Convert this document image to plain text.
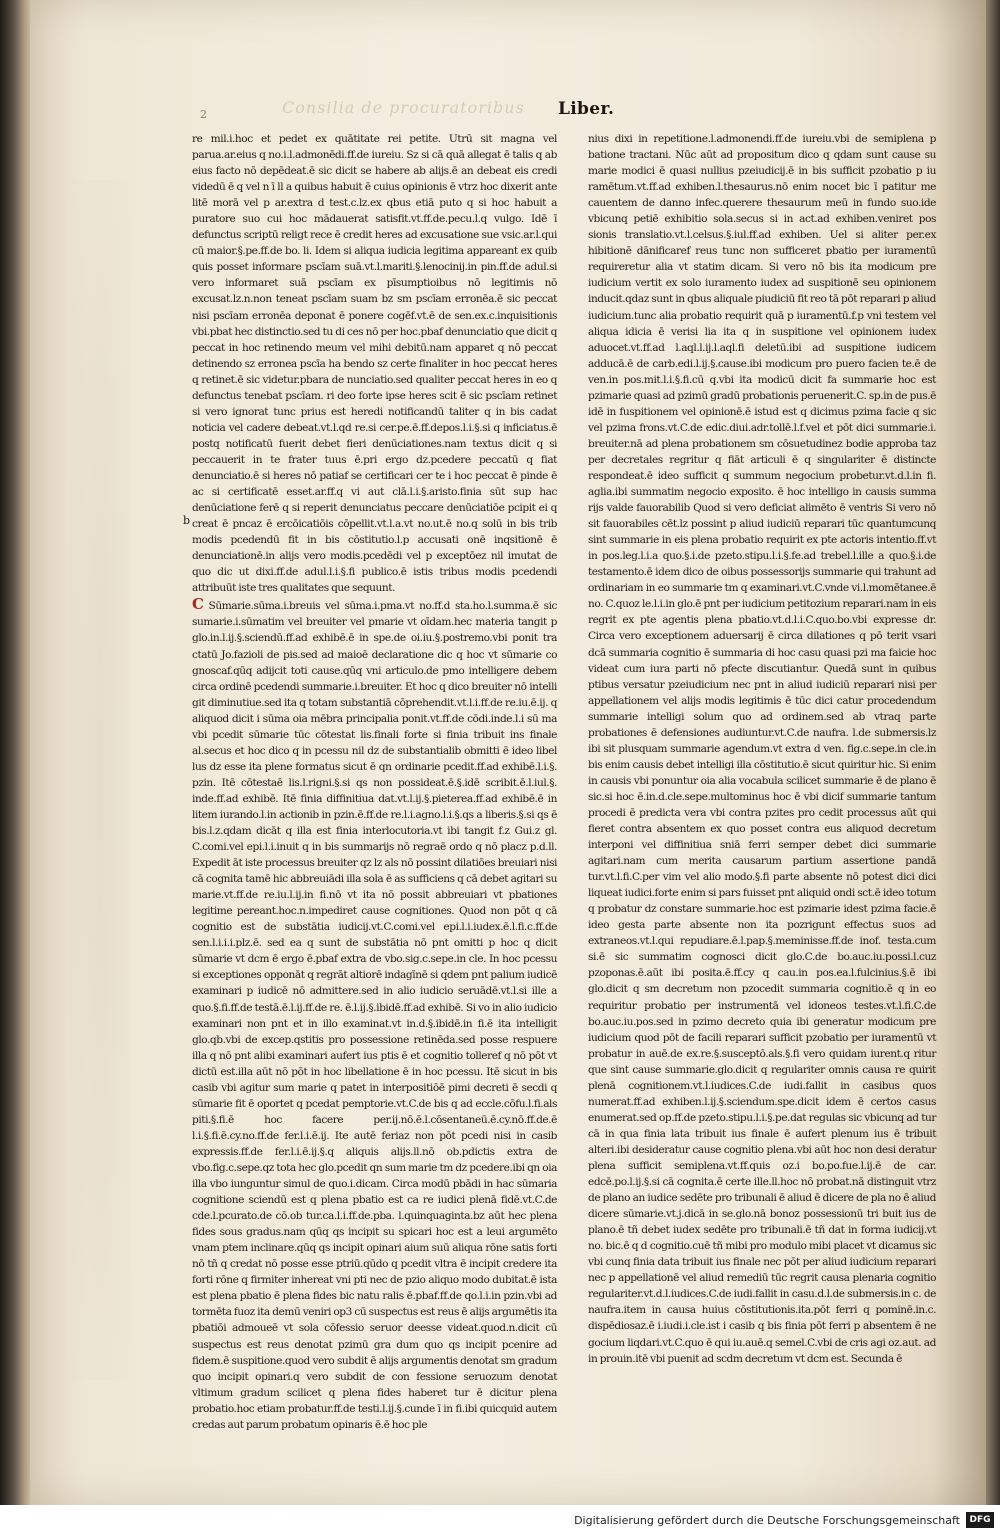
Consilia de procuratoribus
2	Liber.
b

re mil.i.hoc et pedet ex quātitate rei petite. Utrū sit magna vel parua.ar.eius q no.i.l.admonēdi.ff.de iureiu. Sz si cā quā allegat ē talis q ab eius facto nō depēdeat.ē sic dicit se habere ab alijs.ē an debeat eis credi videdū ē q vel n ī ll a quibus habuit ē cuius opinionis ē vtrz hoc dixerit ante litē morā vel p ar.extra d test.c.lz.ex qbus etiā puto q si hoc habuit a puratore suo cui hoc mādauerat satisfit.vt.ff.de.pecu.l.q vulgo. Idē ī defunctus scriptū religt rece ē credit heres ad excusatione sue vsic.ar.l.qui cū maior.§.pe.ff.de bo. li. Idem si aliqua iudicia legitima appareant ex quib quis posset informare pscīam suā.vt.l.mariti.§.lenocinij.in pin.ff.de adul.si vero informaret suā pscīam ex pīsumptioibus nō legitimis nō excusat.lz.n.non teneat pscīam suam bz sm pscīam erronēa.ē sic peccat nisi pscīam erronēa deponat ē ponere cogēf.vt.ē de sen.ex.c.inquisitionis vbi.pbat hec distinctio.sed tu di ces nō per hoc.pbaf denunciatio que dicit q peccat in hoc retinendo meum vel mihi debitū.nam apparet q nō peccat detinendo sz erronea pscīa ha bendo sz certe finaliter in hoc peccat heres q retinet.ē sic videtur.pbara de nunciatio.sed qualiter peccat heres in eo q defunctus tenebat pscīam. ri deo forte ipse heres scit ē sic pscīam retinet si vero ignorat tunc prius est heredi notificandū taliter q in bis cadat noticia vel cadere debeat.vt.l.qd re.si cer.pe.ē.ff.depos.l.i.§.si q inficiatus.ē postq notificatū fuerit debet fieri denūciationes.nam textus dicit q si peccauerit in te frater tuus ē.pri ergo dz.pcedere peccatū q fiat denunciatio.ē si heres nō patiaf se certificari cer te i hoc peccat ē pinde ē ac si certificatē esset.ar.ff.q vi aut clā.l.i.§.aristo.finia sūt sup hac denūciatione ferē q si reperit denunciatus peccare denūciatiōe pcipit ei q creat ē pncaz ē ercōicatiōis cōpellit.vt.l.a.vt no.ut.ē no.q solū in bis trib modis pcedendū fit in bis cōstitutio.l.p accusati onē inqsitionē ē denunciationē.in alijs vero modis.pcedēdi vel p exceptōez nil imutat de quo dic ut dixi.ff.de adul.l.i.§.fi publico.ē istis tribus modis pcedendi attribuūt iste tres qualitates que sequunt.

C Sūmarie.sūma.i.breuis vel sūma.i.pma.vt no.ff.d sta.ho.l.summa.ē sic sumarie.i.sūmatim vel breuiter vel pmarie vt oīdam.hec materia tangit p glo.in.l.ij.§.sciendū.ff.ad exhibē.ē in spe.de oi.iu.§.postremo.vbi ponit tra ctatū Jo.fazioli de pis.sed ad maioē declaratione dic q hoc vt sūmarie co gnoscaf.qūq adijcit toti cause.qūq vni articulo.de pmo intelligere debem circa ordinē pcedendi summarie.i.breuiter. Et hoc q dico breuiter nō intelli git diminutiue.sed ita q totam substantiā cōprehendit.vt.l.i.ff.de re.iu.ē.ij. q aliquod dicit i sūma oia mēbra principalia ponit.vt.ff.de cōdi.inde.l.i sū ma vbi pcedit sūmarie tūc cōtestat lis.finali forte si finia tribuit ins finale al.secus et hoc dico q in pcessu nil dz de substantialib obmitti ē ideo libel lus dz esse ita plene formatus sicut ē qn ordinarie pcedit.ff.ad exhibē.l.i.§. pzin. Itē cōtestaē lis.l.rigni.§.si qs non possideat.ē.§.idē scribit.ē.l.iul.§. inde.ff.ad exhibē. Itē finia diffinitiua dat.vt.l.ij.§.pieterea.ff.ad exhibē.ē in litem iurando.l.in actionib in pzin.ē.ff.de re.l.i.agno.l.i.§.qs a liberis.§.si qs ē bis.l.z.qdam dicāt q illa est finia interlocutoria.vt ibi tangit f.z Gui.z gl. C.comi.vel epi.l.i.inuit q in bis summarijs nō regraē ordo q nō placz p.d.ll. Expedit āt iste processus breuiter qz lz als nō possint dilatiōes breuiari nisi cā cognita tamē hic abbreuiādi illa sola ē as sufficiens q cā debet agitari su marie.vt.ff.de re.iu.l.ij.in fi.nō vt ita nō possit abbreuiari vt pbationes legitime pereant.hoc.n.impediret cause cognitiones. Quod non pōt q cā cognitio est de substātia iudicij.vt.C.comi.vel epi.l.i.iudex.ē.l.fi.c.ff.de sen.l.i.i.i.plz.ē. sed ea q sunt de substātia nō pnt omitti p hoc q dicit sūmarie vt dcm ē ergo ē.pbaf extra de vbo.sig.c.sepe.in cle. In hoc pcessu si exceptiones opponāt q regrāt altiorē indagīnē si qdem pnt palium iudicē examinari p iudicē nō admittere.sed in alio iudicio seruādē.vt.l.si ille a quo.§.fi.ff.de testā.ē.l.ij.ff.de re. ē.l.ij.§.ibidē.ff.ad exhibē. Si vo in alio iudicio examinari non pnt et in illo examinat.vt in.d.§.ibidē.in fi.ē ita intelligit glo.qb.vbi de excep.qstitis pro possessione retinēda.sed posse respuere illa q nō pnt alibi examinari aufert ius ptis ē et cognitio tolleref q nō pōt vt dictū est.illa aūt nō pōt in hoc libellatione ē in hoc pcessu. Itē sicut in bis casib vbi agitur sum marie q patet in interpositiōē pimi decreti ē secdi q sūmarie fit ē oportet q pcedat pemptorie.vt.C.de bis q ad eccle.cōfu.l.fi.als piti.§.fi.ē hoc facere per.ij.nō.ē.l.cōsentaneū.ē.cy.nō.ff.de.ē l.i.§.fi.ē.cy.no.ff.de fer.l.i.ē.ij. Ite autē feriaz non pōt pcedi nisi in casib expressis.ff.de fer.l.i.ē.ij.§.q aliquis alijs.ll.nō ob.pdictis extra de vbo.fig.c.sepe.qz tota hec glo.pcedit qn sum marie tm dz pcedere.ibi qn oia illa vbo iunguntur simul de quo.i.dicam. Circa modū pbādi in hac sūmaria cognitione sciendū est q plena pbatio est ca re iudici plenā fidē.vt.C.de cde.l.pcurato.de cō.ob tur.ca.l.i.ff.de.pba. l.quinquaginta.bz aūt hec plena fides sous gradus.nam qūq qs incipit su spicari hoc est a leui argumēto vnam ptem inclinare.qūq qs incipit opinari aium suū aliqua rōne satis forti nō tñ q credat nō posse esse ptriū.qūdo q pcedit vltra ē incipit credere ita forti rōne q firmiter inhereat vni pti nec de pzio aliquo modo dubitat.ē ista est plena pbatio ē plena fides bic natu ralis ē.pbaf.ff.de qo.l.i.in pzin.vbi ad tormēta fuoz ita demū veniri op3 cū suspectus est reus ē alijs argumētis ita pbatiōi admoueē vt sola cōfessio seruor deesse videat.quod.n.dicit cū suspectus est reus denotat pzimū gra dum quo qs incipit pcenire ad fidem.ē suspitione.quod vero subdit ē alijs argumentis denotat sm gradum quo incipit opinari.q vero subdit de con fessione seruozum denotat vltimum gradum scilicet q plena fides haberet tur ē dicitur plena probatio.hoc etiam probatur.ff.de testi.l.ij.§.cunde ī in fi.ibi quicquid autem credas aut parum probatum opinaris ē.ē hoc ple

nius dixi in repetitione.l.admonendi.ff.de iureiu.vbi de semiplena p batione tractani. Nūc aūt ad propositum dico q qdam sunt cause su marie modici ē quasi nullius pzeiudicij.ē in bis sufficit pzobatio p iu ramētum.vt.ff.ad exhiben.l.thesaurus.nō enim nocet bic ī patitur me cauentem de danno infec.querere thesaurum meū in fundo suo.ide vbicunq petiē exhibitio sola.secus si in act.ad exhiben.veniret pos sionis translatio.vt.l.celsus.§.iul.ff.ad exhiben. Uel si aliter per.ex hibitionē dānificaref reus tunc non sufficeret pbatio per iuramentū requireretur alia vt statim dicam. Si vero nō bis ita modicum pre iudicium vertit ex solo iuramento iudex ad suspitionē seu opinionem inducit.qdaz sunt in qbus aliquale piudiciū fit reo tā pōt reparari p aliud iudicium.tunc alia probatio requirit quā p iuramentū.f.p vni testem vel aliqua idicia ē verisi lia ita q in suspitione vel opinionem iudex aduocet.vt.ff.ad l.aql.l.ij.l.aql.fi deletū.ibi ad suspitione iudicem adducā.ē de carb.edi.l.ij.§.cause.ibi modicum pro puero facien te.ē de ven.in pos.mit.l.i.§.fi.cū q.vbi ita modicū dicit fa summarie hoc est pzimarie quasi ad pzimū gradū probationis peruenerit.C. sp.in de pus.ē idē in fuspitionem vel opinionē.ē istud est q dicimus pzima facie q sic vel pzima frons.vt.C.de edic.diui.adr.tollē.l.f.vel et pōt dici summarie.i. breuiter.nā ad plena probationem sm cōsuetudinez bodie approba taz per decretales regritur q fiāt articuli ē q singulariter ē distincte respondeat.ē ideo sufficit q summum negocium probetur.vt.d.l.in fi. aglia.ibi summatim negocio exposito. ē hoc intelligo in causis summa rijs valde fauorabilib Quod si vero deficiat alimēto ē ventris Si vero nō sit fauorabiles cēt.lz possint p aliud iudiciū reparari tūc quantumcunq sint summarie in eis plena probatio requirit ex pte actoris intentio.ff.vt in pos.leg.l.i.a quo.§.i.de pzeto.stipu.l.i.§.fe.ad trebel.l.ille a quo.§.i.de testamento.ē idem dico de oibus possessorijs summarie qui trahunt ad ordinariam in eo summarie tm q examinari.vt.C.vnde vi.l.momētanee.ē no. C.quoz le.l.i.in glo.ē pnt per iudicium petitozium reparari.nam in eis regrit ex pte agentis plena pbatio.vt.d.l.i.C.quo.bo.vbi expresse dr. Circa vero exceptionem aduersarij ē circa dilationes q pō terit vsari dcā summaria cognitio ē summaria di hoc casu quasi pzi ma faicie hoc videat cum iura parti nō pfecte discutiantur. Quedā sunt in quibus ptibus versatur pzeiudicium nec pnt in aliud iudiciū reparari nisi per appellationem vel alijs modis legitimis ē tūc dici catur procedendum summarie intelligi solum quo ad ordinem.sed ab vtraq parte probationes ē defensiones audiuntur.vt.C.de naufra. l.de submersis.lz ibi sit plusquam summarie agendum.vt extra d ven. fig.c.sepe.in cle.in bis enim causis debet intelligi illa cōstitutio.ē sicut quiritur hic. Si enim in causis vbi ponuntur oia alia vocabula scilicet summarie ē de plano ē sic.si hoc ē.in.d.cle.sepe.multominus hoc ē vbi dicif summarie tantum procedi ē predicta vera vbi contra pzites pro cedit processus aūt qui fieret contra absentem ex quo posset contra eus aliquod decretum interponi vel diffinitiua sniā ferri semper debet dici summarie agitari.nam cum merita causarum partium assertione pandā tur.vt.l.fi.C.per vim vel alio modo.§.fi parte absente nō potest dici dici liqueat iudici.forte enim si pars fuisset pnt aliquid ondi sct.ē ideo totum q probatur dz constare summarie.hoc est pzimarie idest pzima facie.ē ideo gesta parte absente non ita pozrigunt effectus suos ad extraneos.vt.l.qui repudiare.ē.l.pap.§.meminisse.ff.de inof. testa.cum si.ē sic summatim cognosci dicit glo.C.de bo.auc.iu.possi.l.cuz pzoponas.ē.aūt ibi posita.ē.ff.cy q cau.in pos.ea.l.fulcinius.§.ē ibi glo.dicit q sm decretum non pzocedit summaria cognitio.ē q in eo requiritur probatio per instrumentā vel idoneos testes.vt.l.fi.C.de bo.auc.iu.pos.sed in pzimo decreto quia ibi generatur modicum pre iudicium quod pōt de facili reparari sufficit pzobatio per iuramentū vt probatur in auē.de ex.re.§.susceptō.als.§.fi vero quidam iurent.q ritur que sint cause summarie.glo.dicit q regulariter omnis causa re quirit plenā cognitionem.vt.l.iudices.C.de iudi.fallit in casibus quos numerat.ff.ad exhiben.l.ij.§.sciendum.spe.dicit idem ē certos casus enumerat.sed op.ff.de pzeto.stipu.l.i.§.pe.dat regulas sic vbicunq ad tur cā in qua finia lata tribuit ius finale ē aufert plenum ius ē tribuit alteri.ibi desideratur cause cognitio plena.vbi aūt hoc non desi deratur plena sufficit semiplena.vt.ff.quis oz.i bo.po.fue.l.ij.ē de car. edcē.po.l.ij.§.si cā cognita.ē certe ille.ll.hoc nō probat.nā distinguit vtrz de plano an iudice sedēte pro tribunali ē aliud ē dicere de pla no ē aliud dicere sūmarie.vt.j.dicā in se.glo.nā bonoz possessionū tri buit ius de plano.ē tñ debet iudex sedēte pro tribunali.ē tñ dat in forma iudicij.vt no. bic.ē q d cognitio.cuē tñ mibi pro modulo mibi placet vt dicamus sic vbi cunq finia data tribuit ius finale nec pōt per aliud iudicium reparari nec p appellationē vel aliud remediū tūc regrit causa plenaria cognitio regulariter.vt.d.l.iudices.C.de iudi.fallit in casu.d.l.de submersis.in c. de naufra.item in causa huius cōstitutionis.ita.pōt ferri q pominē.in.c. dispēdiosaz.ē i.iudi.i.cle.ist i casib q bis finia pōt ferri p absentem ē ne gocium liqdari.vt.C.quo ē qui iu.auē.q semel.C.vbi de cris agi oz.aut. ad in prouin.itē vbi puenit ad scdm decretum vt dcm est. Secunda ē

Digitalisierung gefördert durch die Deutsche Forschungsgemeinschaft	DFG
